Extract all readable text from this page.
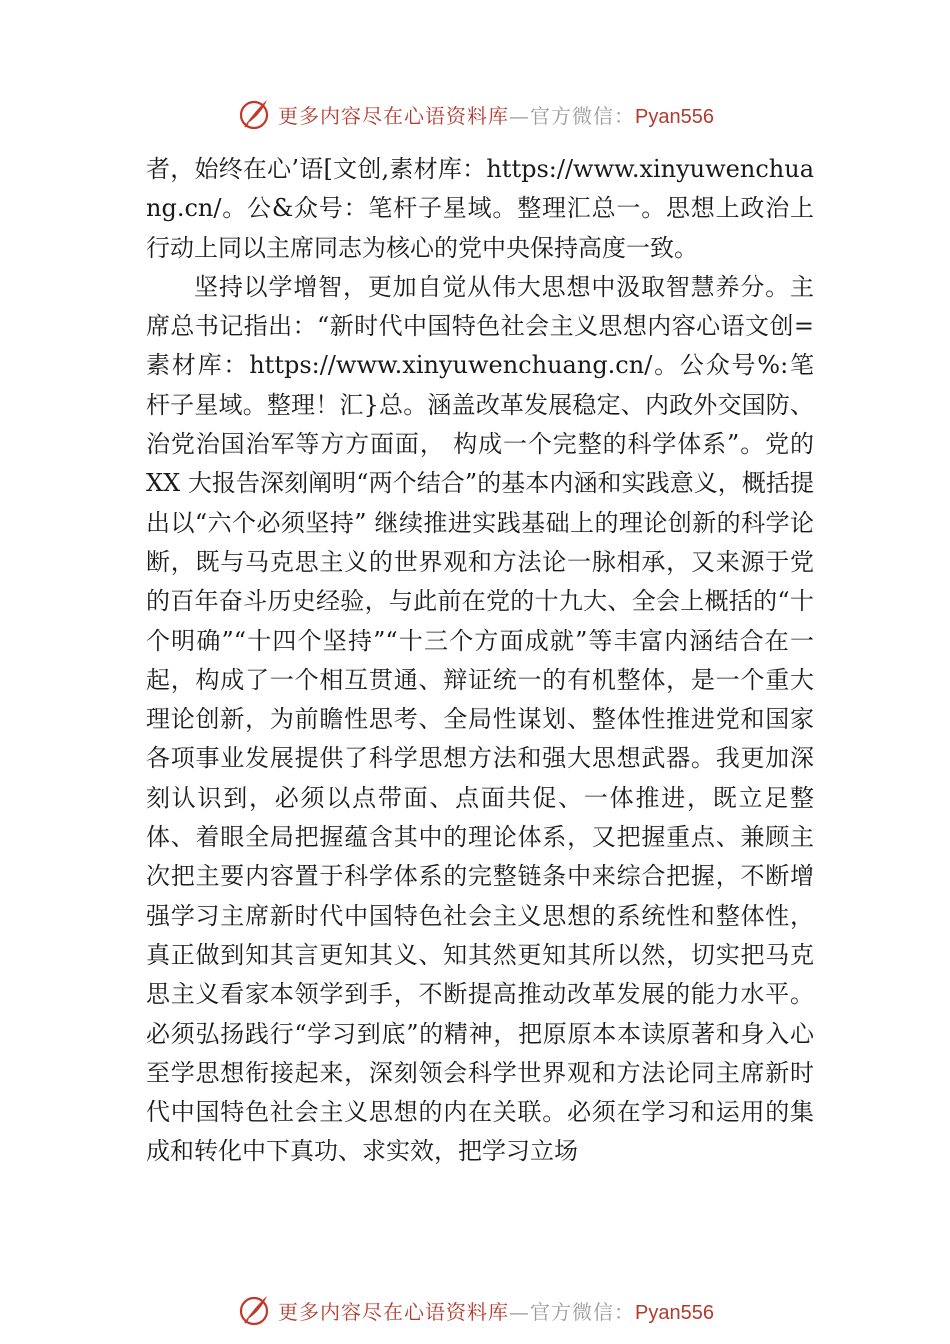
更多内容尽在心语资料库—官方微信：Pyan556

者，始终在心’语[文创,素材库：https://www.xinyuwenchuang.cn/。公&众号：笔杆子星域。整理汇总一。思想上政治上行动上同以主席同志为核心的党中央保持高度一致。

坚持以学增智，更加自觉从伟大思想中汲取智慧养分。主席总书记指出：“新时代中国特色社会主义思想内容心语文创=素材库：https://www.xinyuwenchuang.cn/。公众号%:笔杆子星域。整理！汇}总。涵盖改革发展稳定、内政外交国防、治党治国治军等方方面面， 构成一个完整的科学体系”。党的 XX 大报告深刻阐明“两个结合”的基本内涵和实践意义，概括提出以“六个必须坚持” 继续推进实践基础上的理论创新的科学论断，既与马克思主义的世界观和方法论一脉相承，又来源于党的百年奋斗历史经验，与此前在党的十九大、全会上概括的“十个明确”“十四个坚持”“十三个方面成就”等丰富内涵结合在一起，构成了一个相互贯通、辩证统一的有机整体，是一个重大理论创新，为前瞻性思考、全局性谋划、整体性推进党和国家各项事业发展提供了科学思想方法和强大思想武器。我更加深刻认识到，必须以点带面、点面共促、一体推进，既立足整体、着眼全局把握蕴含其中的理论体系，又把握重点、兼顾主次把主要内容置于科学体系的完整链条中来综合把握，不断增强学习主席新时代中国特色社会主义思想的系统性和整体性，真正做到知其言更知其义、知其然更知其所以然，切实把马克思主义看家本领学到手，不断提高推动改革发展的能力水平。必须弘扬践行“学习到底”的精神，把原原本本读原著和身入心至学思想衔接起来，深刻领会科学世界观和方法论同主席新时代中国特色社会主义思想的内在关联。必须在学习和运用的集成和转化中下真功、求实效，把学习立场

更多内容尽在心语资料库—官方微信：Pyan556
